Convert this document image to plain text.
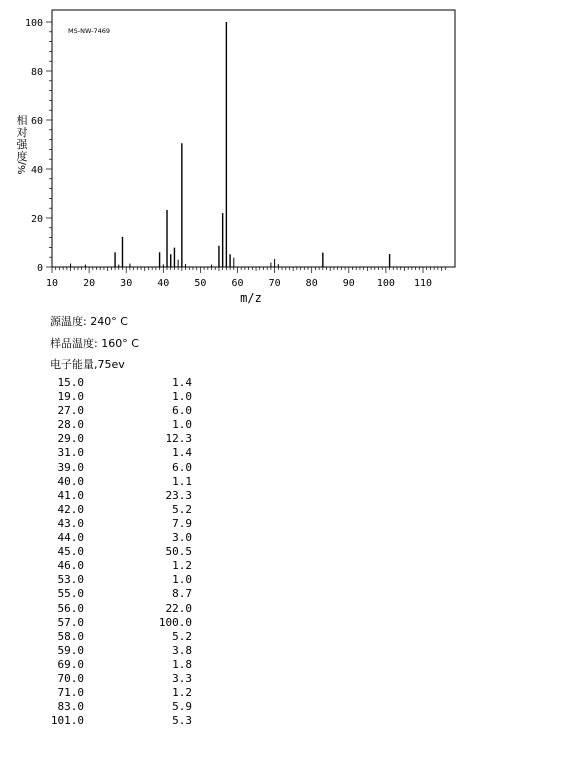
MS-NW-7469
10	20	30	40	50	60	70	80	90 100 110
0
20
40
60
80
100
m/z
相
对
强
度
%/
源温度: 240° C
样品温度: 160° C
电子能量,75ev
15.0	1.4
19.0	1.0
27.0	6.0
28.0	1.0
29.0	12.3
31.0	1.4
39.0	6.0
40.0	1.1
41.0	23.3
42.0	5.2
43.0	7.9
44.0	3.0
45.0	50.5
46.0	1.2
53.0	1.0
55.0	8.7
56.0	22.0
57.0	100.0
58.0	5.2
59.0	3.8
69.0	1.8
70.0	3.3
71.0	1.2
83.0	5.9
101.0	5.3
